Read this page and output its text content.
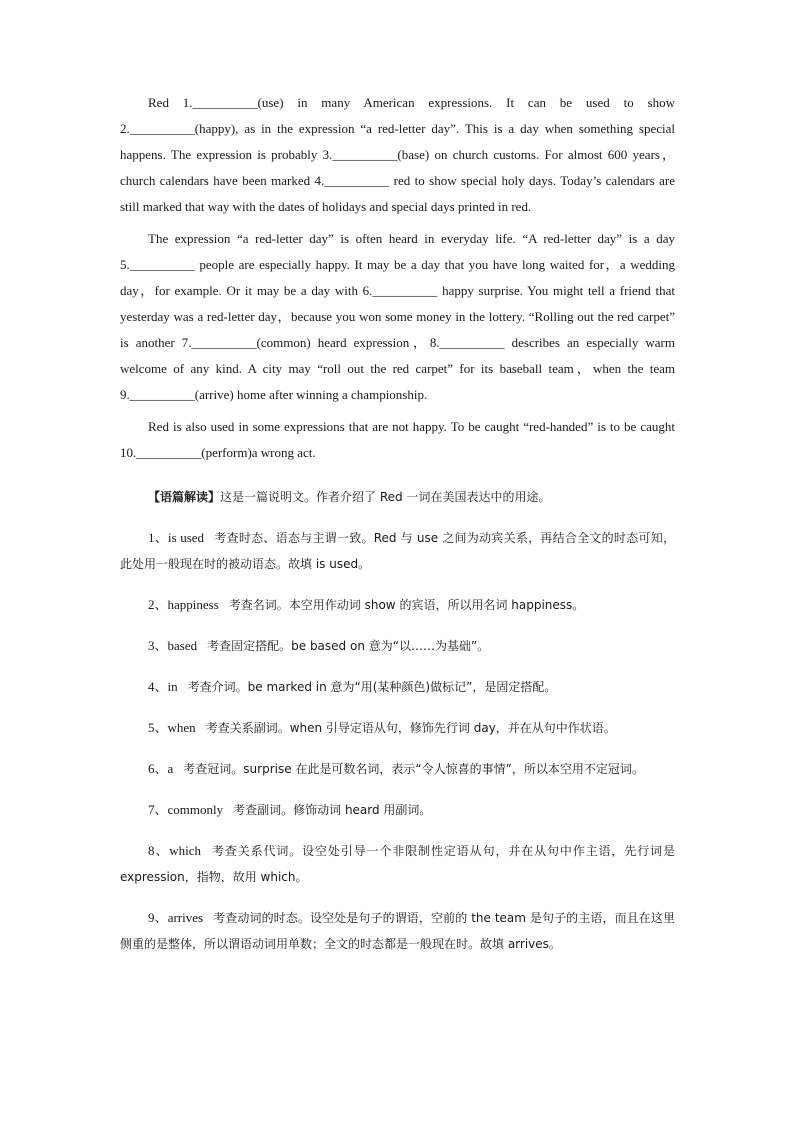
Red 1.__________(use) in many American expressions. It can be used to show 2.__________(happy), as in the expression “a red-letter day”. This is a day when something special happens. The expression is probably 3.__________(base) on church customs. For almost 600 years，church calendars have been marked 4.__________ red to show special holy days. Today’s calendars are still marked that way with the dates of holidays and special days printed in red.

The expression “a red-letter day” is often heard in everyday life. “A red-letter day” is a day 5.__________ people are especially happy. It may be a day that you have long waited for，a wedding day，for example. Or it may be a day with 6.__________ happy surprise. You might tell a friend that yesterday was a red-letter day，because you won some money in the lottery. “Rolling out the red carpet” is another 7.__________(common) heard expression，8.__________ describes an especially warm welcome of any kind. A city may “roll out the red carpet” for its baseball team，when the team 9.__________(arrive) home after winning a championship.

Red is also used in some expressions that are not happy. To be caught “red-handed” is to be caught 10.__________(perform)a wrong act.

【语篇解读】这是一篇说明文。作者介绍了 Red 一词在美国表达中的用途。

1、is used 考查时态、语态与主谓一致。Red 与 use 之间为动宾关系，再结合全文的时态可知，此处用一般现在时的被动语态。故填 is used。

2、happiness 考查名词。本空用作动词 show 的宾语，所以用名词 happiness。

3、based 考查固定搭配。be based on 意为“以……为基础”。

4、in 考查介词。be marked in 意为“用(某种颜色)做标记”，是固定搭配。

5、when 考查关系副词。when 引导定语从句，修饰先行词 day，并在从句中作状语。

6、a 考查冠词。surprise 在此是可数名词，表示“令人惊喜的事情”，所以本空用不定冠词。

7、commonly 考查副词。修饰动词 heard 用副词。

8、which 考查关系代词。设空处引导一个非限制性定语从句，并在从句中作主语，先行词是 expression，指物，故用 which。

9、arrives 考查动词的时态。设空处是句子的谓语，空前的 the team 是句子的主语，而且在这里侧重的是整体，所以谓语动词用单数；全文的时态都是一般现在时。故填 arrives。
